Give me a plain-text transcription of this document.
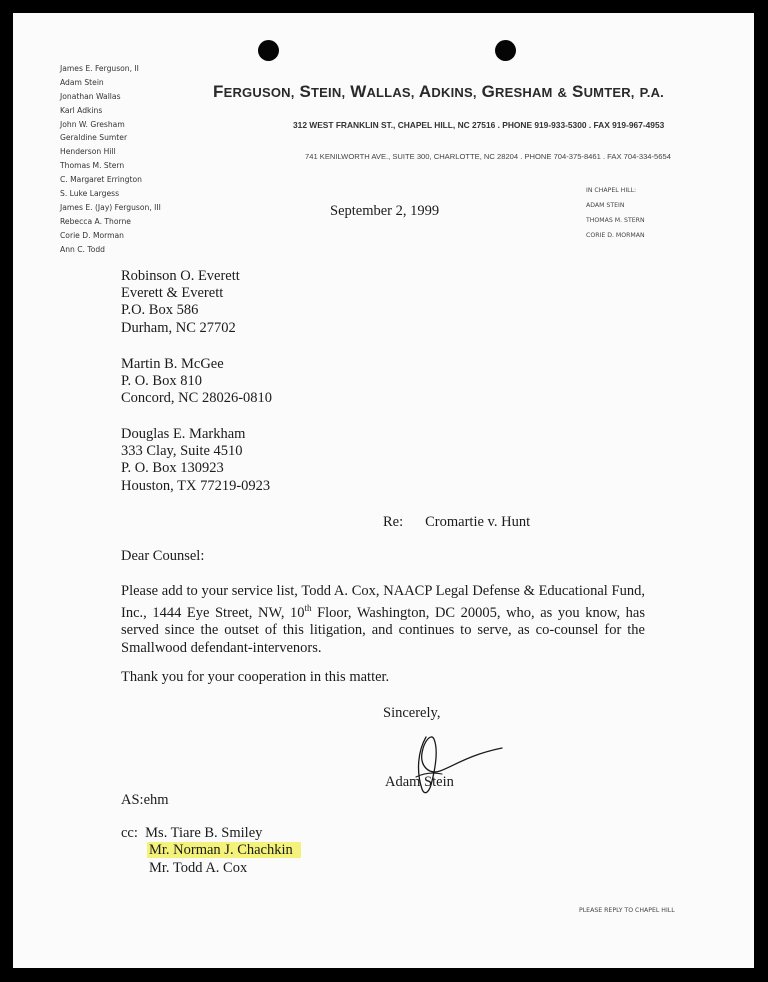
James E. Ferguson, II
Adam Stein
Jonathan Wallas
Karl Adkins
John W. Gresham
Geraldine Sumter
Henderson Hill
Thomas M. Stern
C. Margaret Errington
S. Luke Largess
James E. (Jay) Ferguson, III
Rebecca A. Thorne
Corie D. Morman
Ann C. Todd
FERGUSON, STEIN, WALLAS, ADKINS, GRESHAM & SUMTER, P.A.
312 WEST FRANKLIN ST., CHAPEL HILL, NC 27516 . PHONE 919-933-5300 . FAX 919-967-4953
741 KENILWORTH AVE., SUITE 300, CHARLOTTE, NC 28204 . PHONE 704-375-8461 . FAX 704-334-5654
IN CHAPEL HILL:
ADAM STEIN
THOMAS M. STERN
CORIE D. MORMAN
September 2, 1999
Robinson O. Everett
Everett & Everett
P.O. Box 586
Durham, NC 27702
Martin B. McGee
P. O. Box 810
Concord, NC 28026-0810
Douglas E. Markham
333 Clay, Suite 4510
P. O. Box 130923
Houston, TX 77219-0923
Re: Cromartie v. Hunt
Dear Counsel:

Please add to your service list, Todd A. Cox, NAACP Legal Defense & Educational Fund, Inc., 1444 Eye Street, NW, 10th Floor, Washington, DC 20005, who, as you know, has served since the outset of this litigation, and continues to serve, as co-counsel for the Smallwood defendant-intervenors.

Thank you for your cooperation in this matter.
Sincerely,
Adam Stein
AS:ehm
cc: Ms. Tiare B. Smiley
Mr. Norman J. Chachkin
Mr. Todd A. Cox
PLEASE REPLY TO CHAPEL HILL
